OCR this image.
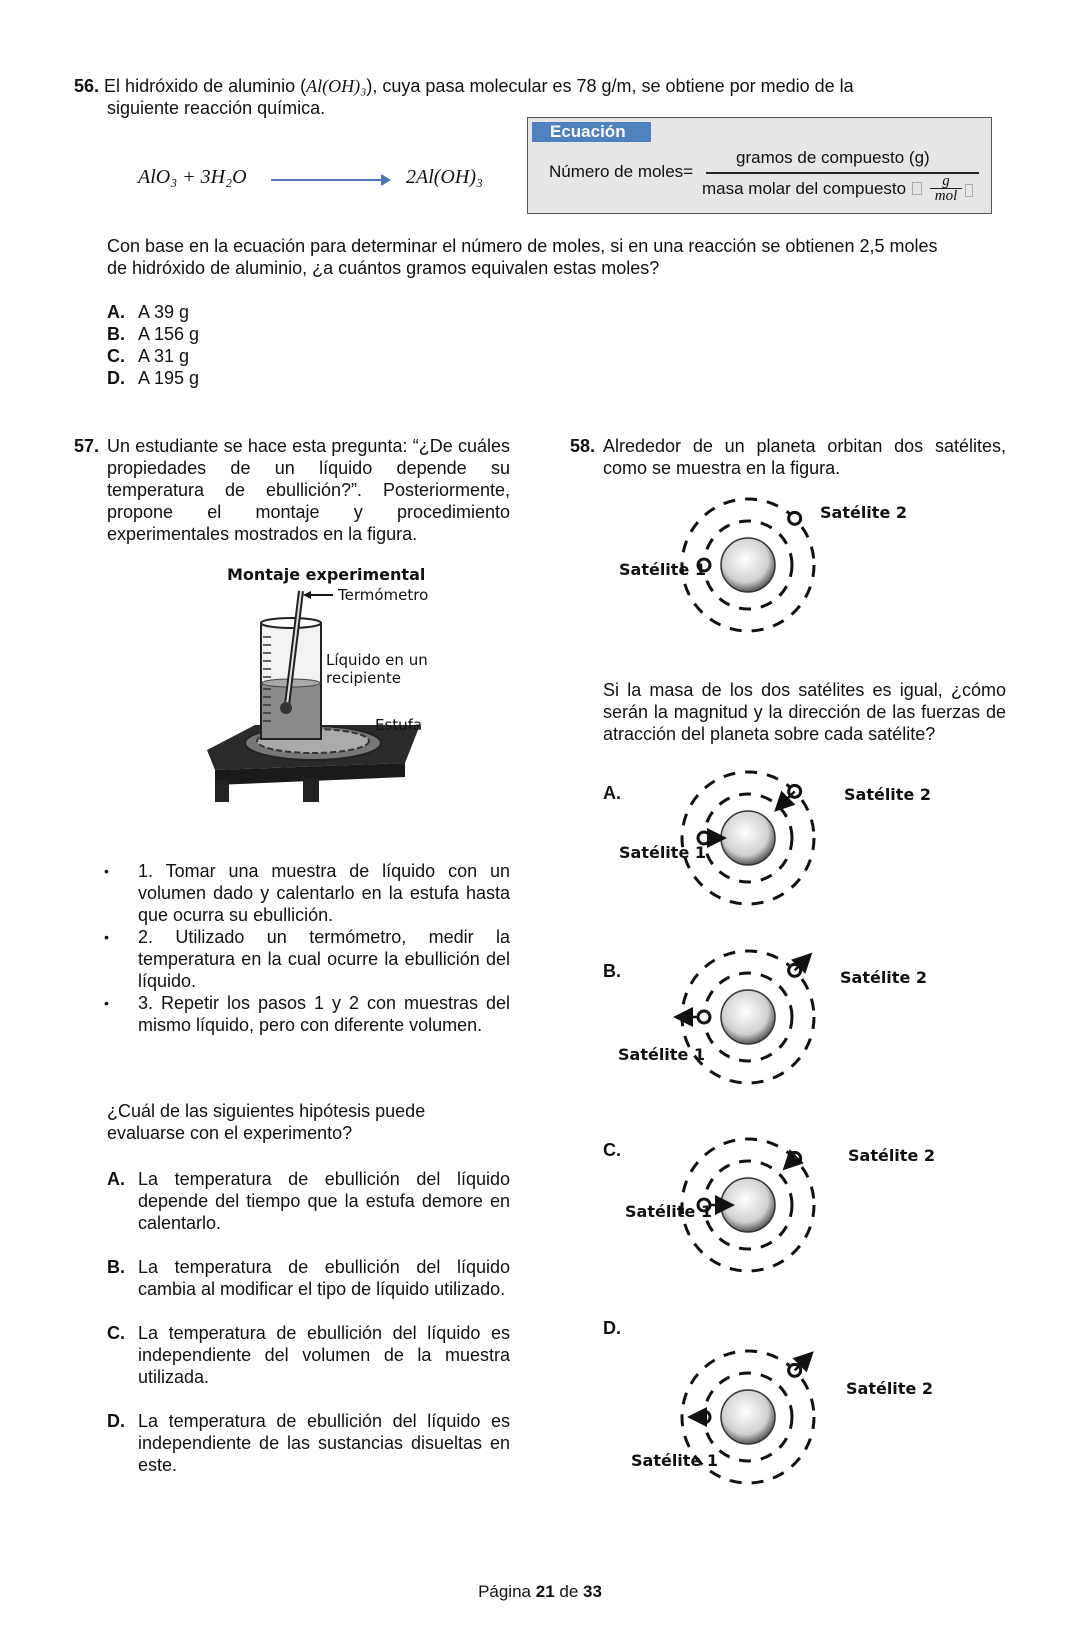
56. El hidróxido de aluminio (Al(OH)₃), cuya pasa molecular es 78 g/m, se obtiene por medio de la
siguiente reacción química.
AlO₃ + 3H₂O	2Al(OH)₃
Ecuación
Número de moles=
gramos de compuesto (g)
masa molar del compuesto	g
mol
Con base en la ecuación para determinar el número de moles, si en una reacción se obtienen 2,5 moles
de hidróxido de aluminio, ¿a cuántos gramos equivalen estas moles?
A. A 39 g
B. A 156 g
C. A 31 g
D. A 195 g
57. Un estudiante se hace esta pregunta: “¿De cuáles propiedades de un líquido depende su temperatura de ebullición?”. Posteriormente, propone el montaje y procedimiento experimentales mostrados en la figura.
Montaje experimental
Termómetro
Líquido en un
recipiente
Estufa
•	1. Tomar una muestra de líquido con un volumen dado y calentarlo en la estufa hasta que ocurra su ebullición.
•	2. Utilizado un termómetro, medir la temperatura en la cual ocurre la ebullición del líquido.
•	3. Repetir los pasos 1 y 2 con muestras del mismo líquido, pero con diferente volumen.
¿Cuál de las siguientes hipótesis puede evaluarse con el experimento?
A. La temperatura de ebullición del líquido depende del tiempo que la estufa demore en calentarlo.
B. La temperatura de ebullición del líquido cambia al modificar el tipo de líquido utilizado.
C. La temperatura de ebullición del líquido es independiente del volumen de la muestra utilizada.
D. La temperatura de ebullición del líquido es independiente de las sustancias disueltas en este.
58. Alrededor de un planeta orbitan dos satélites, como se muestra en la figura.
Satélite 2
Satélite 1
Si la masa de los dos satélites es igual, ¿cómo serán la magnitud y la dirección de las fuerzas de atracción del planeta sobre cada satélite?
A.	Satélite 2
Satélite 1
B.	Satélite 2
Satélite 1
C.	Satélite 2
Satélite 1
D.
Satélite 2
Satélite 1
Página 21 de 33
